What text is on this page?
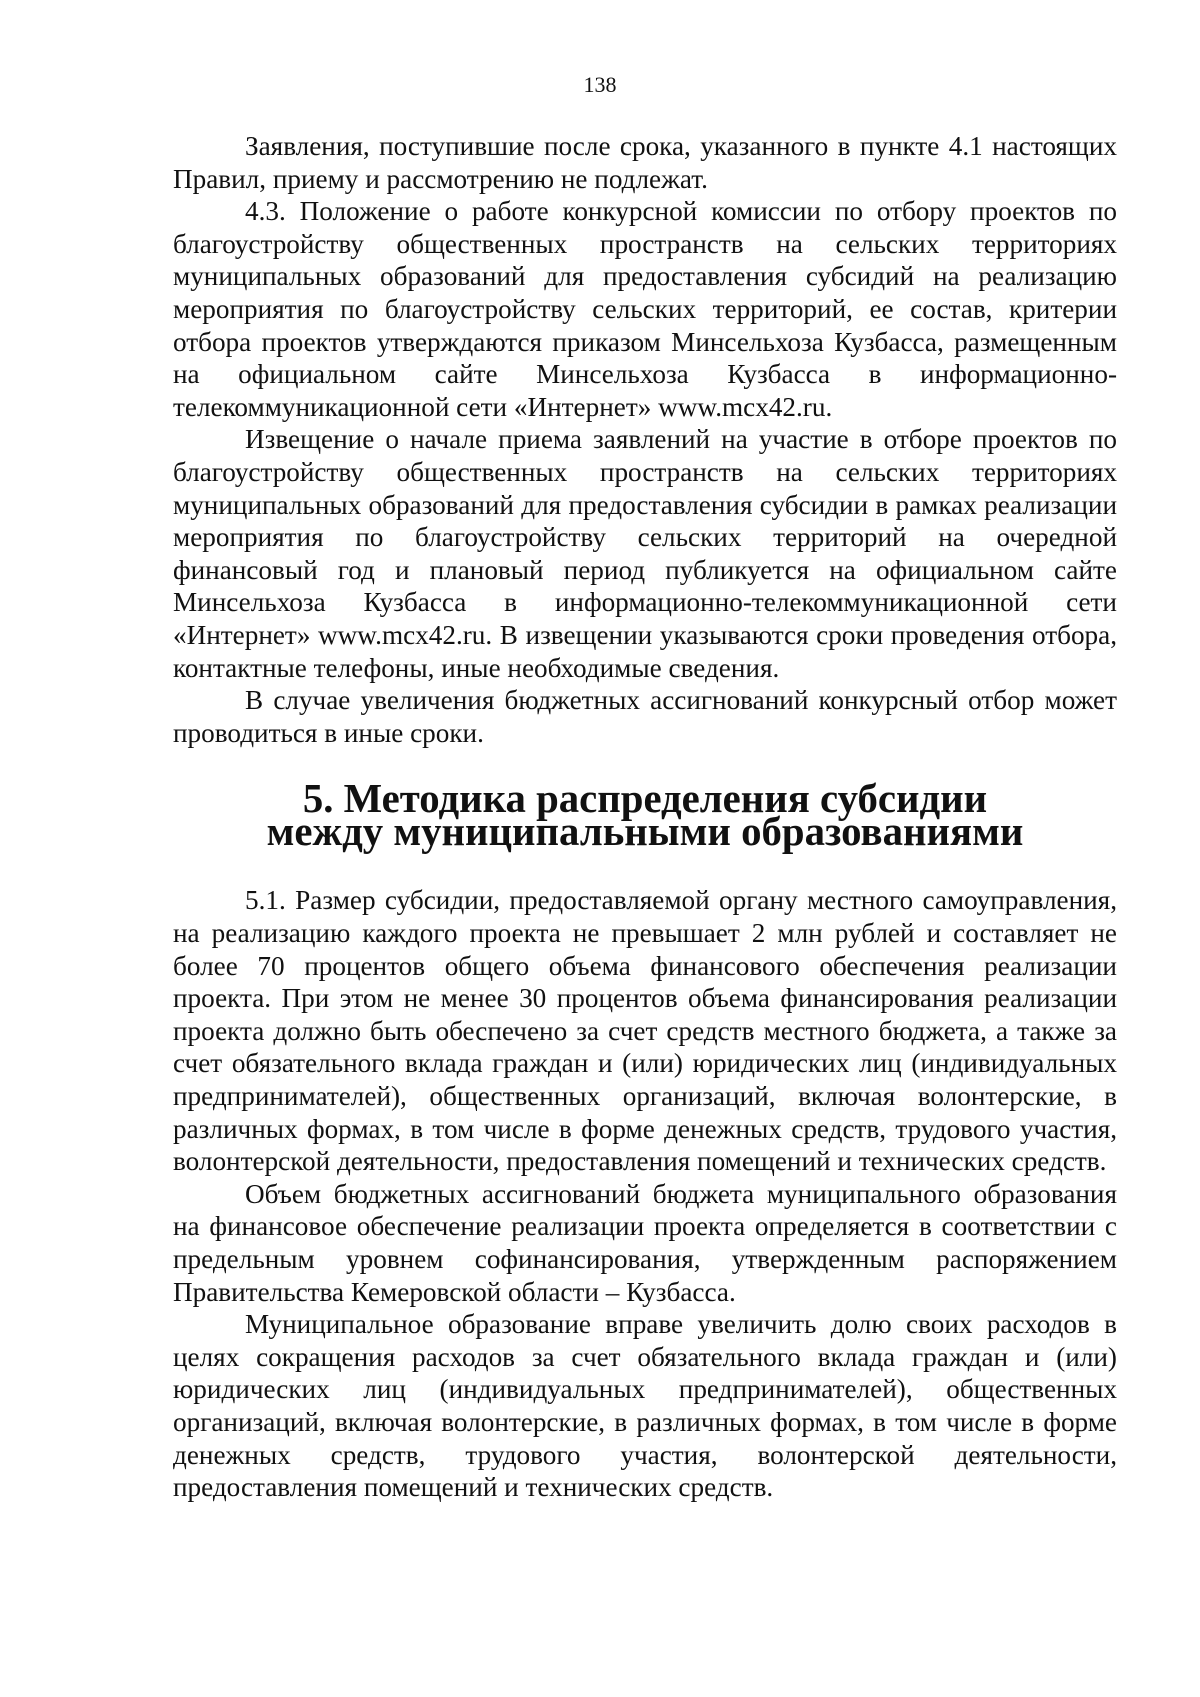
138

Заявления, поступившие после срока, указанного в пункте 4.1 настоящих Правил, приему и рассмотрению не подлежат.

4.3. Положение о работе конкурсной комиссии по отбору проектов по благоустройству общественных пространств на сельских территориях муниципальных образований для предоставления субсидий на реализацию мероприятия по благоустройству сельских территорий, ее состав, критерии отбора проектов утверждаются приказом Минсельхоза Кузбасса, размещенным на официальном сайте Минсельхоза Кузбасса в информационно-телекоммуникационной сети «Интернет» www.mcx42.ru.

Извещение о начале приема заявлений на участие в отборе проектов по благоустройству общественных пространств на сельских территориях муниципальных образований для предоставления субсидии в рамках реализации мероприятия по благоустройству сельских территорий на очередной финансовый год и плановый период публикуется на официальном сайте Минсельхоза Кузбасса в информационно-телекоммуникационной сети «Интернет» www.mcx42.ru. В извещении указываются сроки проведения отбора, контактные телефоны, иные необходимые сведения.

В случае увеличения бюджетных ассигнований конкурсный отбор может проводиться в иные сроки.

5. Методика распределения субсидии
между муниципальными образованиями

5.1. Размер субсидии, предоставляемой органу местного самоуправления, на реализацию каждого проекта не превышает 2 млн рублей и составляет не более 70 процентов общего объема финансового обеспечения реализации проекта. При этом не менее 30 процентов объема финансирования реализации проекта должно быть обеспечено за счет средств местного бюджета, а также за счет обязательного вклада граждан и (или) юридических лиц (индивидуальных предпринимателей), общественных организаций, включая волонтерские, в различных формах, в том числе в форме денежных средств, трудового участия, волонтерской деятельности, предоставления помещений и технических средств.

Объем бюджетных ассигнований бюджета муниципального образования на финансовое обеспечение реализации проекта определяется в соответствии с предельным уровнем софинансирования, утвержденным распоряжением Правительства Кемеровской области – Кузбасса.

Муниципальное образование вправе увеличить долю своих расходов в целях сокращения расходов за счет обязательного вклада граждан и (или) юридических лиц (индивидуальных предпринимателей), общественных организаций, включая волонтерские, в различных формах, в том числе в форме денежных средств, трудового участия, волонтерской деятельности, предоставления помещений и технических средств.
